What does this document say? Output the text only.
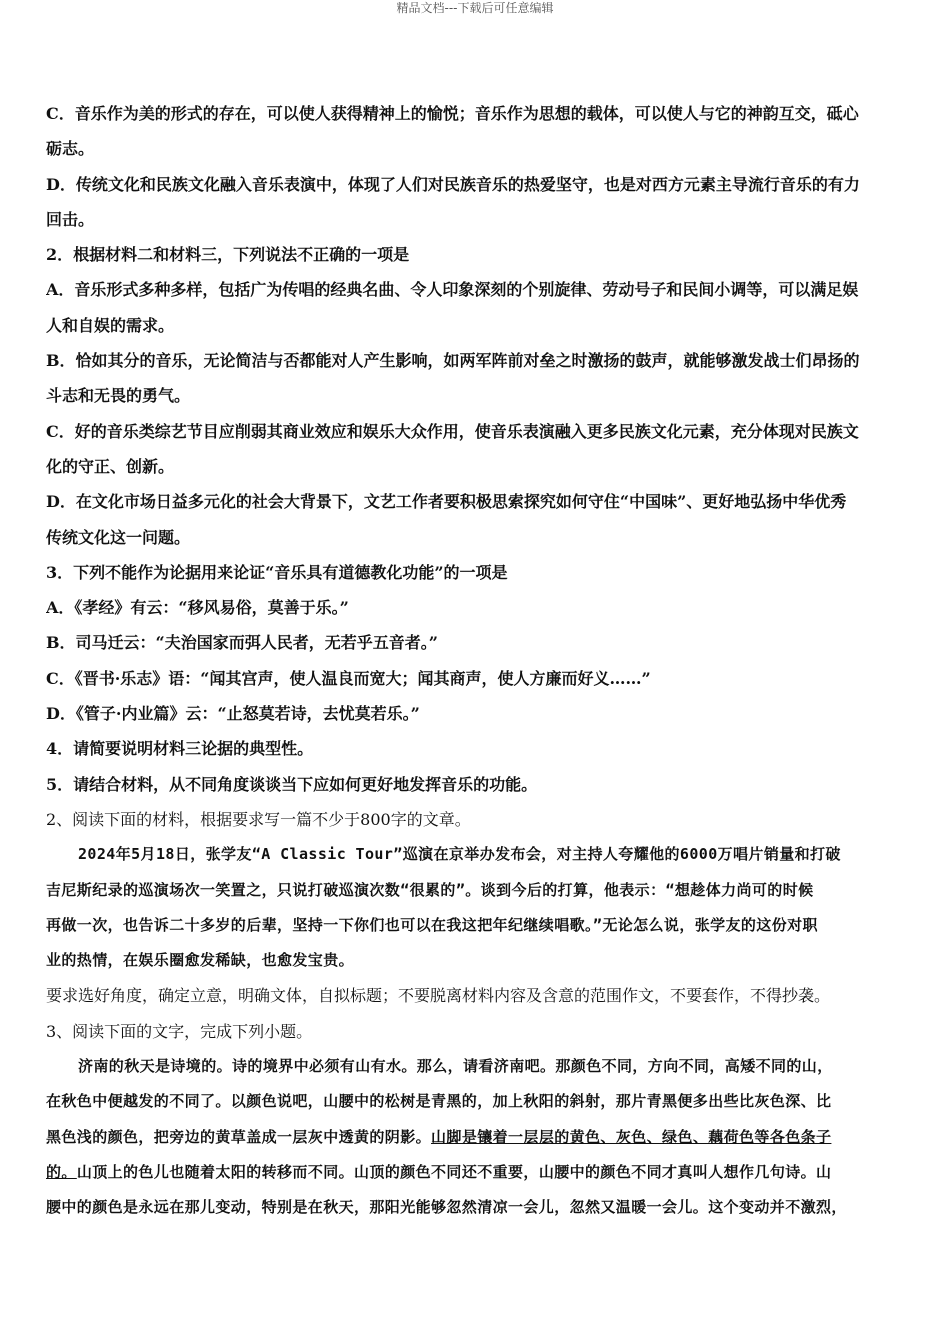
精品文档---下载后可任意编辑
C．音乐作为美的形式的存在，可以使人获得精神上的愉悦；音乐作为思想的载体，可以使人与它的神韵互交，砥心
砺志。
D．传统文化和民族文化融入音乐表演中，体现了人们对民族音乐的热爱坚守，也是对西方元素主导流行音乐的有力
回击。
2．根据材料二和材料三，下列说法不正确的一项是
A．音乐形式多种多样，包括广为传唱的经典名曲、令人印象深刻的个别旋律、劳动号子和民间小调等，可以满足娱
人和自娱的需求。
B．恰如其分的音乐，无论简洁与否都能对人产生影响，如两军阵前对垒之时激扬的鼓声，就能够激发战士们昂扬的
斗志和无畏的勇气。
C．好的音乐类综艺节目应削弱其商业效应和娱乐大众作用，使音乐表演融入更多民族文化元素，充分体现对民族文
化的守正、创新。
D．在文化市场日益多元化的社会大背景下，文艺工作者要积极思索探究如何守住“中国味”、更好地弘扬中华优秀
传统文化这一问题。
3．下列不能作为论据用来论证“音乐具有道德教化功能”的一项是
A．《孝经》有云：“移风易俗，莫善于乐。”
B．司马迁云：“夫治国家而弭人民者，无若乎五音者。”
C．《晋书·乐志》语：“闻其宫声，使人温良而宽大；闻其商声，使人方廉而好义……”
D．《管子·内业篇》云：“止怒莫若诗，去忧莫若乐。”
4．请简要说明材料三论据的典型性。
5．请结合材料，从不同角度谈谈当下应如何更好地发挥音乐的功能。
2、阅读下面的材料，根据要求写一篇不少于800字的文章。
2024年5月18日，张学友“A Classic Tour”巡演在京举办发布会，对主持人夸耀他的6000万唱片销量和打破
吉尼斯纪录的巡演场次一笑置之，只说打破巡演次数“很累的”。谈到今后的打算，他表示：“想趁体力尚可的时候
再做一次，也告诉二十多岁的后辈，坚持一下你们也可以在我这把年纪继续唱歌。”无论怎么说，张学友的这份对职
业的热情，在娱乐圈愈发稀缺，也愈发宝贵。
要求选好角度，确定立意，明确文体，自拟标题；不要脱离材料内容及含意的范围作文，不要套作，不得抄袭。
3、阅读下面的文字，完成下列小题。
济南的秋天是诗境的。诗的境界中必须有山有水。那么，请看济南吧。那颜色不同，方向不同，高矮不同的山，
在秋色中便越发的不同了。以颜色说吧，山腰中的松树是青黑的，加上秋阳的斜射，那片青黑便多出些比灰色深、比
黑色浅的颜色，把旁边的黄草盖成一层灰中透黄的阴影。山脚是镶着一层层的黄色、灰色、绿色、藕荷色等各色条子
的。山顶上的色儿也随着太阳的转移而不同。山顶的颜色不同还不重要，山腰中的颜色不同才真叫人想作几句诗。山
腰中的颜色是永远在那儿变动，特别是在秋天，那阳光能够忽然清凉一会儿，忽然又温暖一会儿。这个变动并不激烈，
